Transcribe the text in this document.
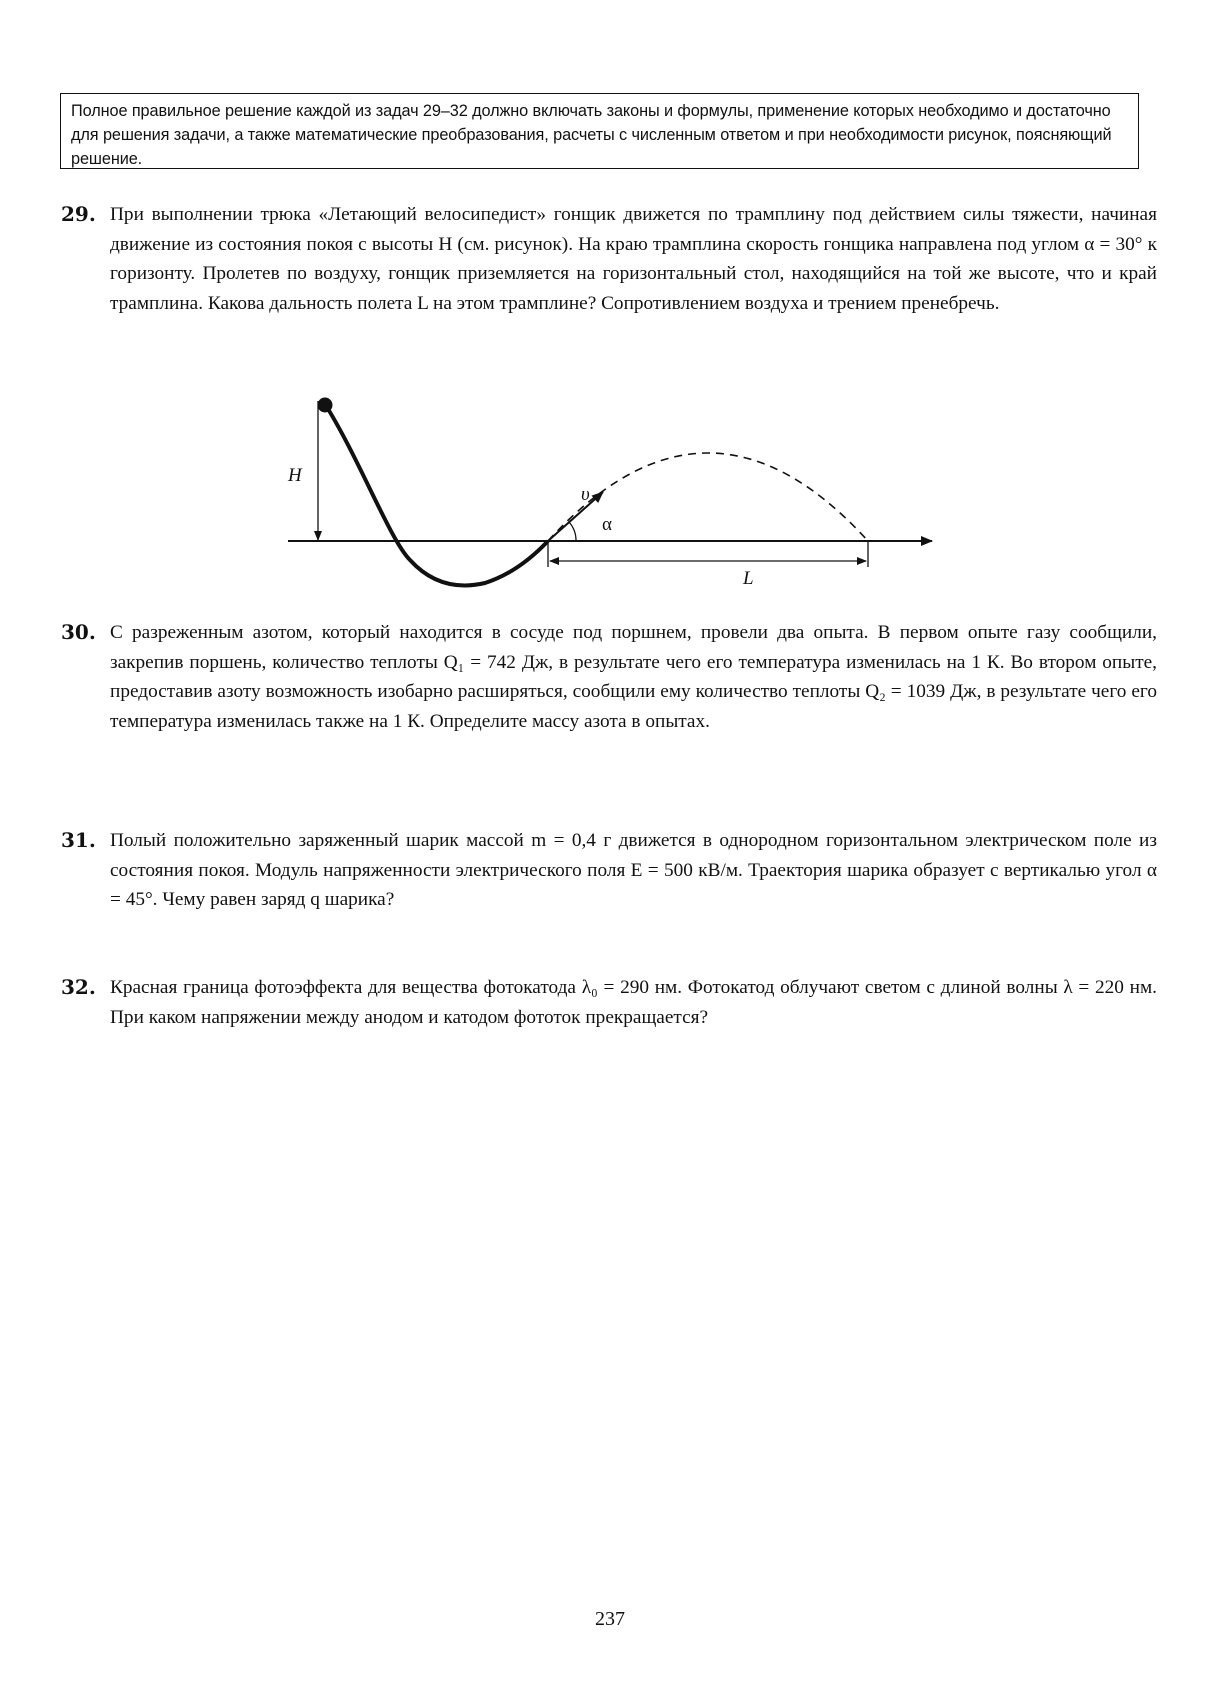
Полное правильное решение каждой из задач 29–32 должно включать законы и формулы, применение которых необходимо и достаточно для решения задачи, а также математические преобразования, расчеты с численным ответом и при необходимости рисунок, поясняющий решение.
29. При выполнении трюка «Летающий велосипедист» гонщик движется по трамплину под действием силы тяжести, начиная движение из состояния покоя с высоты H (см. рисунок). На краю трамплина скорость гонщика направлена под углом α = 30° к горизонту. Пролетев по воздуху, гонщик приземляется на горизонтальный стол, находящийся на той же высоте, что и край трамплина. Какова дальность полета L на этом трамплине? Сопротивлением воздуха и трением пренебречь.
H
υ
α
L
30. С разреженным азотом, который находится в сосуде под поршнем, провели два опыта. В первом опыте газу сообщили, закрепив поршень, количество теплоты Q₁ = 742 Дж, в результате чего его температура изменилась на 1 К. Во втором опыте, предоставив азоту возможность изобарно расширяться, сообщили ему количество теплоты Q₂ = 1039 Дж, в результате чего его температура изменилась также на 1 К. Определите массу азота в опытах.
31. Полый положительно заряженный шарик массой m = 0,4 г движется в однородном горизонтальном электрическом поле из состояния покоя. Модуль напряженности электрического поля E = 500 кВ/м. Траектория шарика образует с вертикалью угол α = 45°. Чему равен заряд q шарика?
32. Красная граница фотоэффекта для вещества фотокатода λ₀ = 290 нм. Фотокатод облучают светом с длиной волны λ = 220 нм. При каком напряжении между анодом и катодом фототок прекращается?
237
